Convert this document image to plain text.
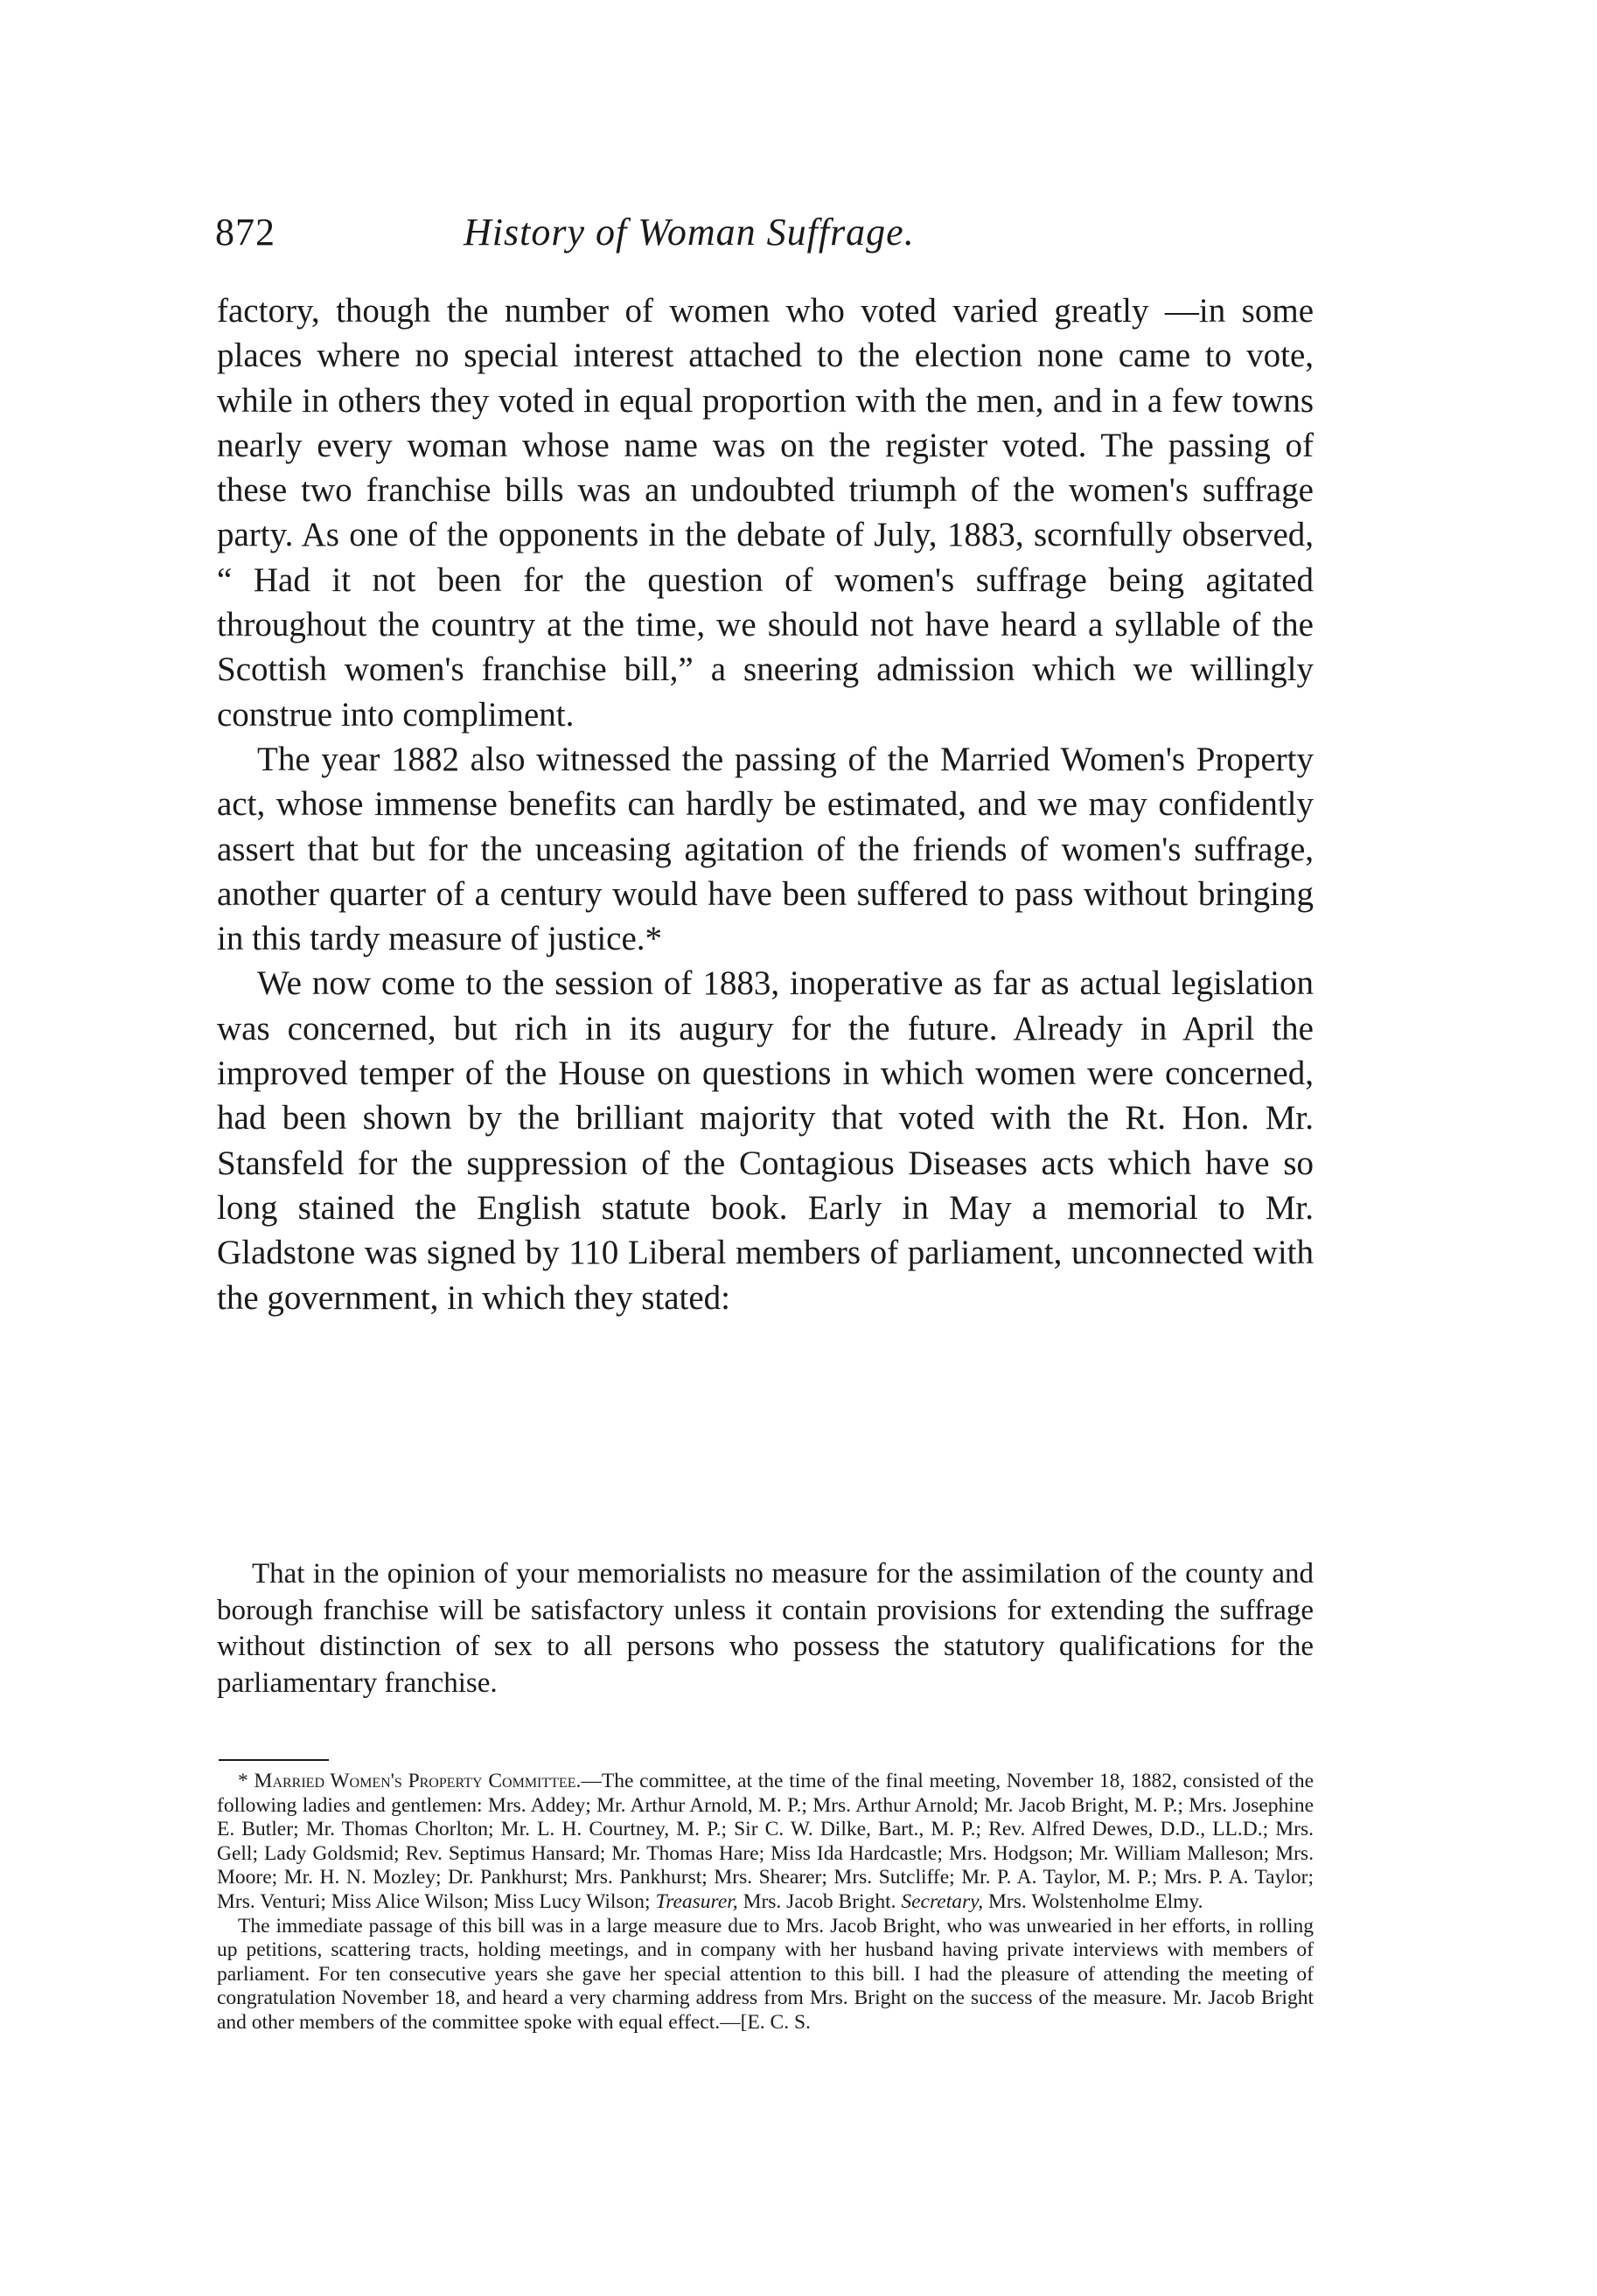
872	History of Woman Suffrage.

factory, though the number of women who voted varied greatly —in some places where no special interest attached to the election none came to vote, while in others they voted in equal proportion with the men, and in a few towns nearly every woman whose name was on the register voted. The passing of these two franchise bills was an undoubted triumph of the women's suffrage party. As one of the opponents in the debate of July, 1883, scornfully observed, “ Had it not been for the question of women's suffrage being agitated throughout the country at the time, we should not have heard a syllable of the Scottish women's franchise bill,” a sneering admission which we willingly construe into compliment.

The year 1882 also witnessed the passing of the Married Women's Property act, whose immense benefits can hardly be estimated, and we may confidently assert that but for the unceasing agitation of the friends of women's suffrage, another quarter of a century would have been suffered to pass without bringing in this tardy measure of justice.*

We now come to the session of 1883, inoperative as far as actual legislation was concerned, but rich in its augury for the future. Already in April the improved temper of the House on questions in which women were concerned, had been shown by the brilliant majority that voted with the Rt. Hon. Mr. Stansfeld for the suppression of the Contagious Diseases acts which have so long stained the English statute book. Early in May a memorial to Mr. Gladstone was signed by 110 Liberal members of parliament, unconnected with the government, in which they stated:

That in the opinion of your memorialists no measure for the assimilation of the county and borough franchise will be satisfactory unless it contain provisions for extending the suffrage without distinction of sex to all persons who possess the statutory qualifications for the parliamentary franchise.

* Married Women's Property Committee.—The committee, at the time of the final meeting, November 18, 1882, consisted of the following ladies and gentlemen: Mrs. Addey; Mr. Arthur Arnold, M. P.; Mrs. Arthur Arnold; Mr. Jacob Bright, M. P.; Mrs. Josephine E. Butler; Mr. Thomas Chorlton; Mr. L. H. Courtney, M. P.; Sir C. W. Dilke, Bart., M. P.; Rev. Alfred Dewes, D.D., LL.D.; Mrs. Gell; Lady Goldsmid; Rev. Septimus Hansard; Mr. Thomas Hare; Miss Ida Hardcastle; Mrs. Hodgson; Mr. William Malleson; Mrs. Moore; Mr. H. N. Mozley; Dr. Pankhurst; Mrs. Pankhurst; Mrs. Shearer; Mrs. Sutcliffe; Mr. P. A. Taylor, M. P.; Mrs. P. A. Taylor; Mrs. Venturi; Miss Alice Wilson; Miss Lucy Wilson; Treasurer, Mrs. Jacob Bright. Secretary, Mrs. Wolstenholme Elmy.

The immediate passage of this bill was in a large measure due to Mrs. Jacob Bright, who was unwearied in her efforts, in rolling up petitions, scattering tracts, holding meetings, and in company with her husband having private interviews with members of parliament. For ten consecutive years she gave her special attention to this bill. I had the pleasure of attending the meeting of congratulation November 18, and heard a very charming address from Mrs. Bright on the success of the measure. Mr. Jacob Bright and other members of the committee spoke with equal effect.—[E. C. S.
